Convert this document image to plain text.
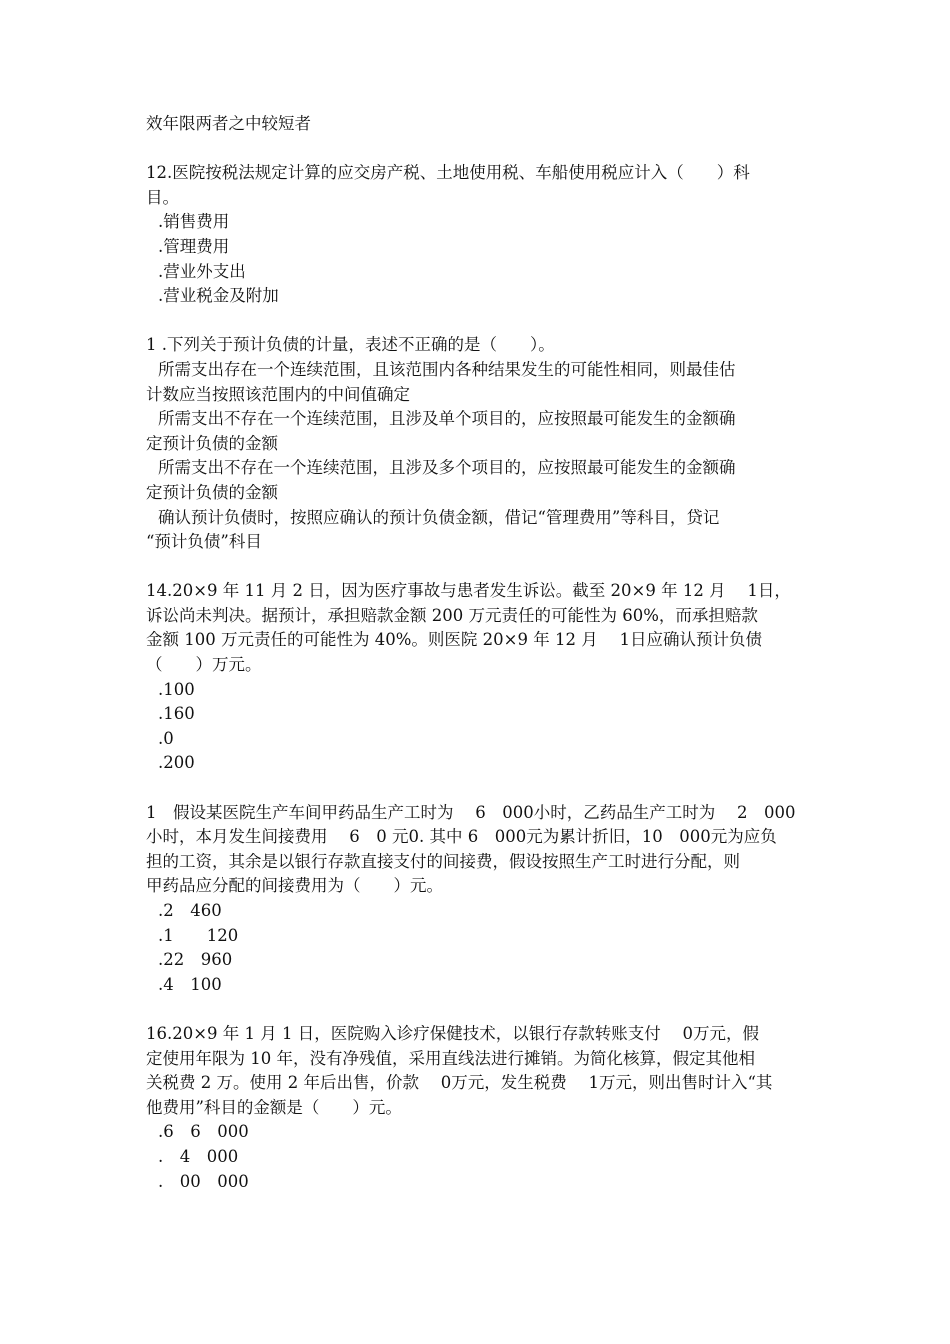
效年限两者之中较短者
12.医院按税法规定计算的应交房产税、土地使用税、车船使用税应计入（　　）科
目。
.销售费用
.管理费用
.营业外支出
.营业税金及附加
1 .下列关于预计负债的计量，表述不正确的是（　　）。
所需支出存在一个连续范围，且该范围内各种结果发生的可能性相同，则最佳估
计数应当按照该范围内的中间值确定
所需支出不存在一个连续范围，且涉及单个项目的，应按照最可能发生的金额确
定预计负债的金额
所需支出不存在一个连续范围，且涉及多个项目的，应按照最可能发生的金额确
定预计负债的金额
确认预计负债时，按照应确认的预计负债金额，借记“管理费用”等科目，贷记
“预计负债”科目
14.20×9 年 11 月 2 日，因为医疗事故与患者发生诉讼。截至 20×9 年 12 月　 1日，
诉讼尚未判决。据预计，承担赔款金额 200 万元责任的可能性为 60%，而承担赔款
金额 100 万元责任的可能性为 40%。则医院 20×9 年 12 月　 1日应确认预计负债
（　　）万元。
.100
.160
.0
.200
1　假设某医院生产车间甲药品生产工时为　 6　000小时，乙药品生产工时为　 2　000
小时，本月发生间接费用　 6　0 元0. 其中 6　000元为累计折旧，10　000元为应负
担的工资，其余是以银行存款直接支付的间接费，假设按照生产工时进行分配，则
甲药品应分配的间接费用为（　　）元。
.2　460
.1　　120
.22　960
.4　100
16.20×9 年 1 月 1 日，医院购入诊疗保健技术，以银行存款转账支付　 0万元，假
定使用年限为 10 年，没有净残值，采用直线法进行摊销。为简化核算，假定其他相
关税费 2 万。使用 2 年后出售，价款　 0万元，发生税费　 1万元，则出售时计入“其
他费用”科目的金额是（　　）元。
.6　6　000
.　4　000
.　00　000
